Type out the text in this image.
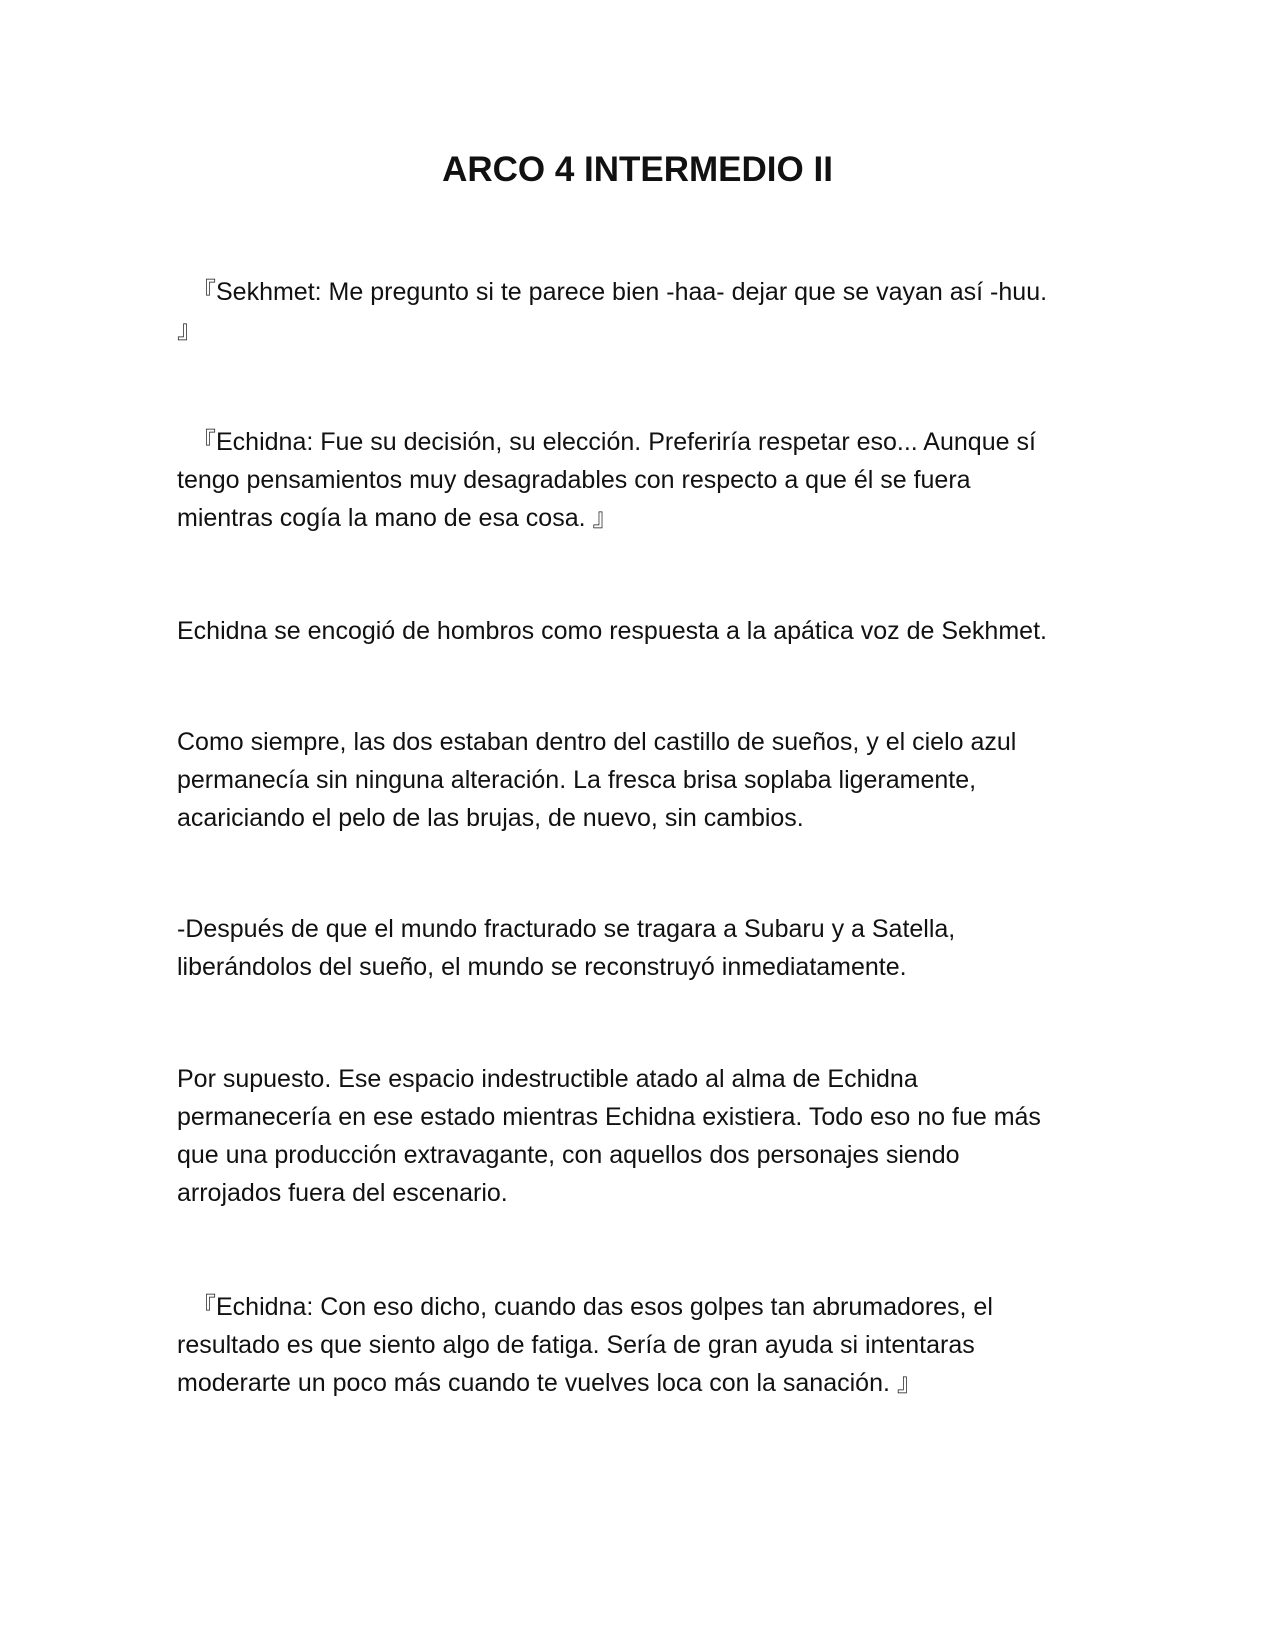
ARCO 4 INTERMEDIO II

『Sekhmet: Me pregunto si te parece bien -haa- dejar que se vayan así -huu.
』

『Echidna: Fue su decisión, su elección. Preferiría respetar eso... Aunque sí
tengo pensamientos muy desagradables con respecto a que él se fuera
mientras cogía la mano de esa cosa. 』

Echidna se encogió de hombros como respuesta a la apática voz de Sekhmet.

Como siempre, las dos estaban dentro del castillo de sueños, y el cielo azul
permanecía sin ninguna alteración. La fresca brisa soplaba ligeramente,
acariciando el pelo de las brujas, de nuevo, sin cambios.

-Después de que el mundo fracturado se tragara a Subaru y a Satella,
liberándolos del sueño, el mundo se reconstruyó inmediatamente.

Por supuesto. Ese espacio indestructible atado al alma de Echidna
permanecería en ese estado mientras Echidna existiera. Todo eso no fue más
que una producción extravagante, con aquellos dos personajes siendo
arrojados fuera del escenario.

『Echidna: Con eso dicho, cuando das esos golpes tan abrumadores, el
resultado es que siento algo de fatiga. Sería de gran ayuda si intentaras
moderarte un poco más cuando te vuelves loca con la sanación. 』
